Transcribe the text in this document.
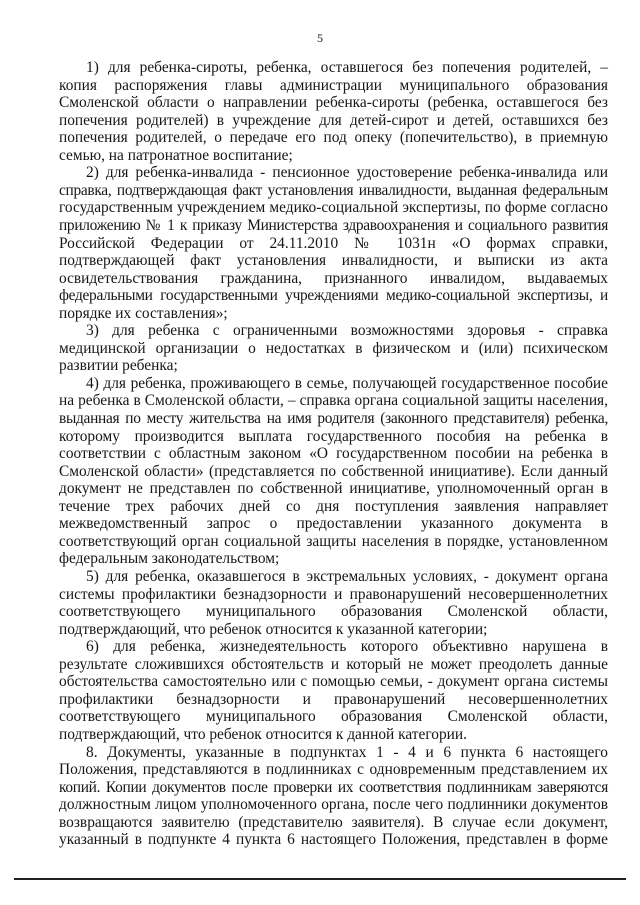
5
1) для ребенка-сироты, ребенка, оставшегося без попечения родителей, –
копия распоряжения главы администрации муниципального образования
Смоленской области о направлении ребенка-сироты (ребенка, оставшегося без
попечения родителей) в учреждение для детей-сирот и детей, оставшихся без
попечения родителей, о передаче его под опеку (попечительство), в приемную
семью, на патронатное воспитание;
2) для ребенка-инвалида - пенсионное удостоверение ребенка-инвалида или
справка, подтверждающая факт установления инвалидности, выданная федеральным
государственным учреждением медико-социальной экспертизы, по форме согласно
приложению № 1 к приказу Министерства здравоохранения и социального развития
Российской Федерации от 24.11.2010 № 1031н «О формах справки,
подтверждающей факт установления инвалидности, и выписки из акта
освидетельствования гражданина, признанного инвалидом, выдаваемых
федеральными государственными учреждениями медико-социальной экспертизы, и
порядке их составления»;
3) для ребенка с ограниченными возможностями здоровья - справка
медицинской организации о недостатках в физическом и (или) психическом
развитии ребенка;
4) для ребенка, проживающего в семье, получающей государственное пособие
на ребенка в Смоленской области, – справка органа социальной защиты населения,
выданная по месту жительства на имя родителя (законного представителя) ребенка,
которому производится выплата государственного пособия на ребенка в
соответствии с областным законом «О государственном пособии на ребенка в
Смоленской области» (представляется по собственной инициативе). Если данный
документ не представлен по собственной инициативе, уполномоченный орган в
течение трех рабочих дней со дня поступления заявления направляет
межведомственный запрос о предоставлении указанного документа в
соответствующий орган социальной защиты населения в порядке, установленном
федеральным законодательством;
5) для ребенка, оказавшегося в экстремальных условиях, - документ органа
системы профилактики безнадзорности и правонарушений несовершеннолетних
соответствующего муниципального образования Смоленской области,
подтверждающий, что ребенок относится к указанной категории;
6) для ребенка, жизнедеятельность которого объективно нарушена в
результате сложившихся обстоятельств и который не может преодолеть данные
обстоятельства самостоятельно или с помощью семьи, - документ органа системы
профилактики безнадзорности и правонарушений несовершеннолетних
соответствующего муниципального образования Смоленской области,
подтверждающий, что ребенок относится к данной категории.
8. Документы, указанные в подпунктах 1 - 4 и 6 пункта 6 настоящего
Положения, представляются в подлинниках с одновременным представлением их
копий. Копии документов после проверки их соответствия подлинникам заверяются
должностным лицом уполномоченного органа, после чего подлинники документов
возвращаются заявителю (представителю заявителя). В случае если документ,
указанный в подпункте 4 пункта 6 настоящего Положения, представлен в форме
